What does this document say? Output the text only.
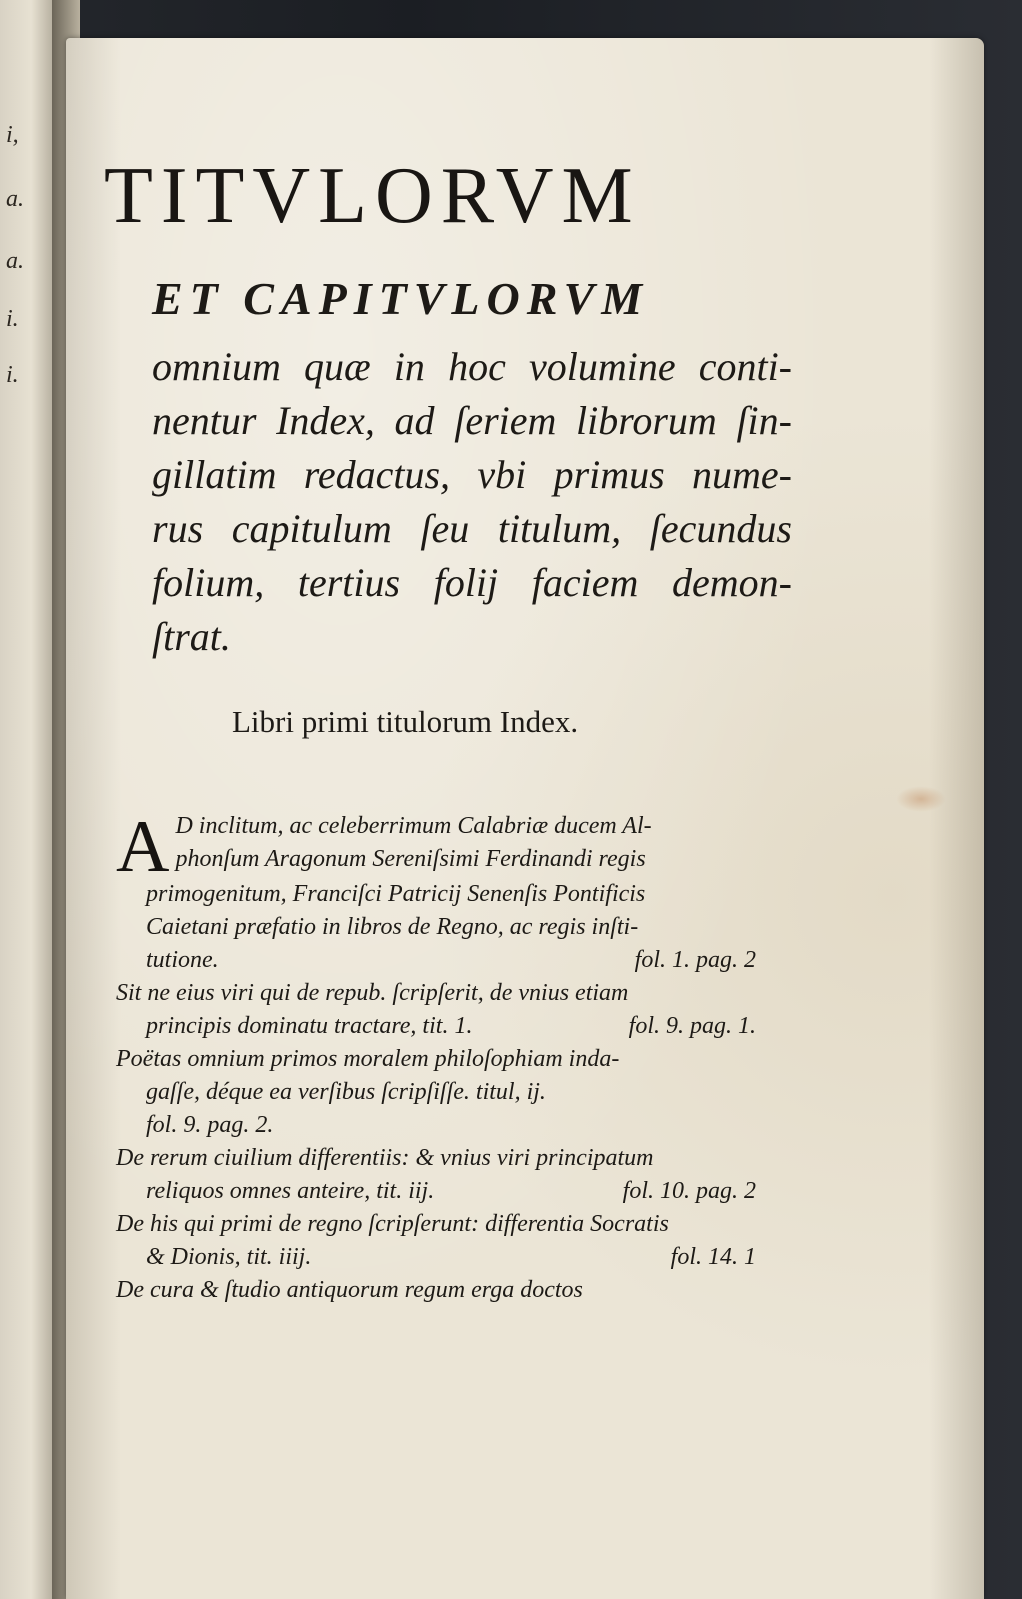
i,
a.
a.
i.
i.
TITVLORVM
ET CAPITVLORVM
omnium quæ in hoc volumine conti-
nentur Index, ad ſeriem librorum ſin-
gillatim redactus, vbi primus nume-
rus capitulum ſeu titulum, ſecundus
folium, tertius folij faciem demon-
ſtrat.
Libri primi titulorum Index.
A D inclitum, ac celeberrimum Calabriæ ducem Al-
phonſum Aragonum Sereniſsimi Ferdinandi regis
primogenitum, Franciſci Patricij Senenſis Pontificis
Caietani præfatio in libros de Regno, ac regis inſti-
tutione.	fol. 1. pag. 2
Sit ne eius viri qui de repub. ſcripſerit, de vnius etiam
principis dominatu tractare, tit. 1.	fol. 9. pag. 1.
Poëtas omnium primos moralem philoſophiam inda-
gaſſe, déque ea verſibus ſcripſiſſe. titul, ij.
fol. 9. pag. 2.
De rerum ciuilium differentiis: & vnius viri principatum
reliquos omnes anteire, tit. iij.	fol. 10. pag. 2
De his qui primi de regno ſcripſerunt: differentia Socratis
& Dionis, tit. iiij.	fol. 14. 1
De cura & ſtudio antiquorum regum erga doctos
